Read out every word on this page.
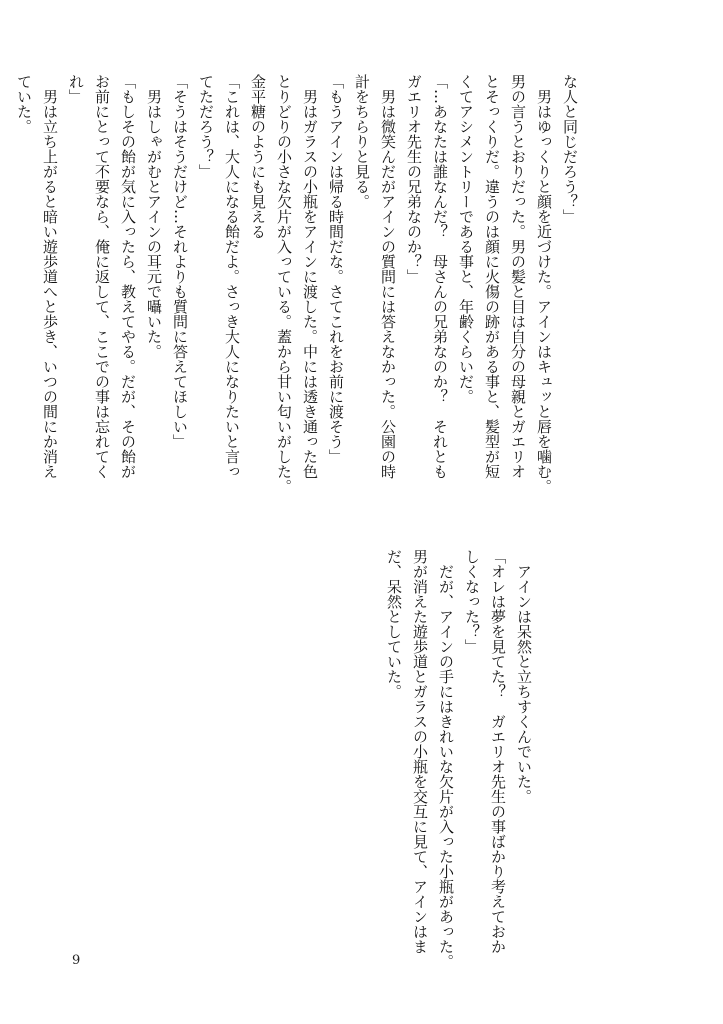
な人と同じだろう？」

　男はゆっくりと顔を近づけた。アインはキュッと唇を噛む。

男の言うとおりだった。男の髪と目は自分の母親とガエリオ

とそっくりだ。違うのは顔に火傷の跡がある事と、髪型が短

くてアシメントリーである事と、年齢くらいだ。

「…あなたは誰なんだ？　母さんの兄弟なのか？　それとも

ガエリオ先生の兄弟なのか？」

　男は微笑んだがアインの質問には答えなかった。公園の時

計をちらりと見る。

「もうアインは帰る時間だな。さてこれをお前に渡そう」

　男はガラスの小瓶をアインに渡した。中には透き通った色

とりどりの小さな欠片が入っている。蓋から甘い匂いがした。

金平糖のようにも見える

「これは、大人になる飴だよ。さっき大人になりたいと言っ

てただろう？」

「そうはそうだけど…それよりも質問に答えてほしい」

　男はしゃがむとアインの耳元で囁いた。

「もしその飴が気に入ったら、教えてやる。だが、その飴が

お前にとって不要なら、俺に返して、ここでの事は忘れてく

れ」

　男は立ち上がると暗い遊歩道へと歩き、いつの間にか消え

ていた。

　アインは呆然と立ちすくんでいた。

「オレは夢を見てた？　ガエリオ先生の事ばかり考えておか

しくなった？」

　だが、アインの手にはきれいな欠片が入った小瓶があった。

男が消えた遊歩道とガラスの小瓶を交互に見て、アインはま

だ、呆然としていた。

9
